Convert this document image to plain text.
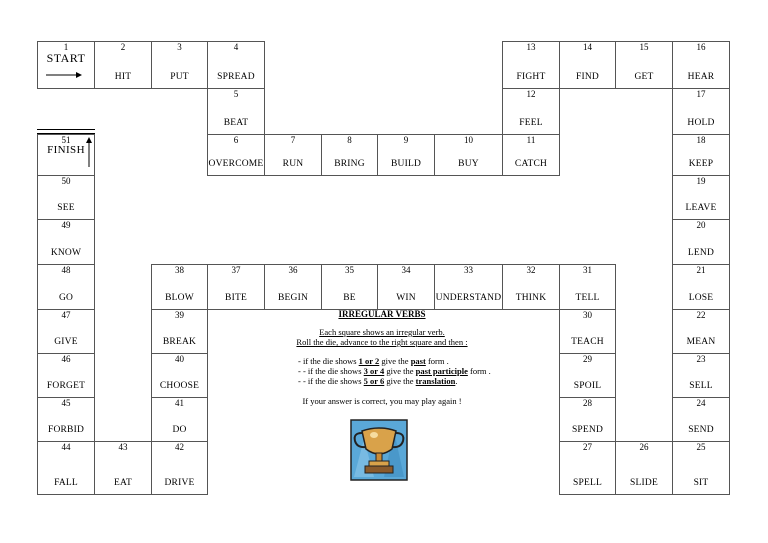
1
START
2
HIT
3
PUT
4
SPREAD
5
BEAT
6
OVERCOME
7
RUN
8
BRING
9
BUILD
10
BUY
11
CATCH
12
FEEL
13
FIGHT
14
FIND
15
GET
16
HEAR
17
HOLD
18
KEEP
19
LEAVE
20
LEND
21
LOSE
22
MEAN
23
SELL
24
SEND
25
SIT
26
SLIDE
27
SPELL
28
SPEND
29
SPOIL
30
TEACH
31
TELL
32
THINK
33
UNDERSTAND
34
WIN
35
BE
36
BEGIN
37
BITE
38
BLOW
39
BREAK
40
CHOOSE
41
DO
42
DRIVE
43
EAT
44
FALL
45
FORBID
46
FORGET
47
GIVE
48
GO
49
KNOW
50
SEE
51
FINISH
IRREGULAR VERBS
Each square shows an irregular verb.
Roll the die, advance to the right square and then :
- if the die shows 1 or 2 give the past form .
- - if the die shows 3 or 4 give the past participle form .
- - if the die shows 5 or 6 give the translation.
If your answer is correct, you may play again !
